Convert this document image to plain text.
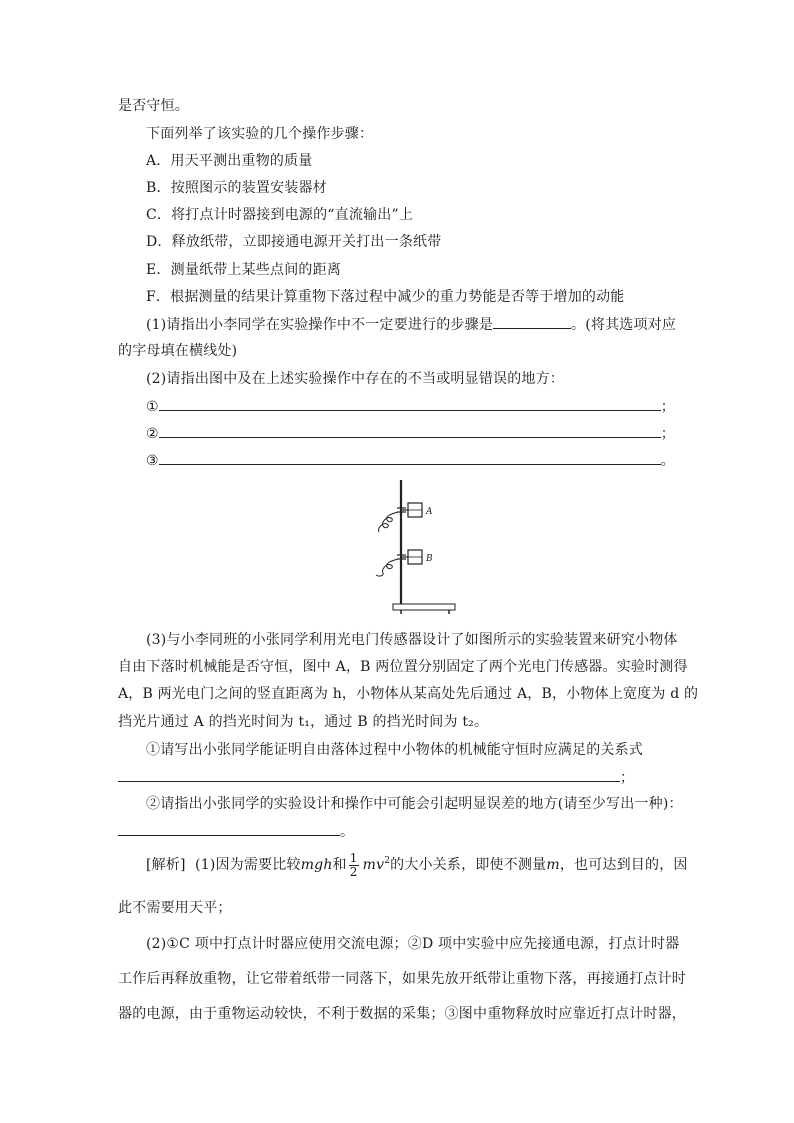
是否守恒。
下面列举了该实验的几个操作步骤：
A．用天平测出重物的质量
B．按照图示的装置安装器材
C．将打点计时器接到电源的“直流输出”上
D．释放纸带，立即接通电源开关打出一条纸带
E．测量纸带上某些点间的距离
F．根据测量的结果计算重物下落过程中减少的重力势能是否等于增加的动能
(1)请指出小李同学在实验操作中不一定要进行的步骤是	。(将其选项对应
的字母填在横线处)
(2)请指出图中及在上述实验操作中存在的不当或明显错误的地方：
①	；
②	；
③	。
A
B
(3)与小李同班的小张同学利用光电门传感器设计了如图所示的实验装置来研究小物体
自由下落时机械能是否守恒，图中 A，B 两位置分别固定了两个光电门传感器。实验时测得
A，B 两光电门之间的竖直距离为 h，小物体从某高处先后通过 A，B，小物体上宽度为 d 的
挡光片通过 A 的挡光时间为 t₁，通过 B 的挡光时间为 t₂。
①请写出小张同学能证明自由落体过程中小物体的机械能守恒时应满足的关系式
；
②请指出小张同学的实验设计和操作中可能会引起明显误差的地方(请至少写出一种)：
。
[解析] (1)因为需要比较mgh和 $\frac{1}{2} mv^2$的大小关系，即使不测量m，也可达到目的，因
此不需要用天平；
(2)①C 项中打点计时器应使用交流电源；②D 项中实验中应先接通电源，打点计时器
工作后再释放重物，让它带着纸带一同落下，如果先放开纸带让重物下落，再接通打点计时
器的电源，由于重物运动较快，不利于数据的采集；③图中重物释放时应靠近打点计时器，
